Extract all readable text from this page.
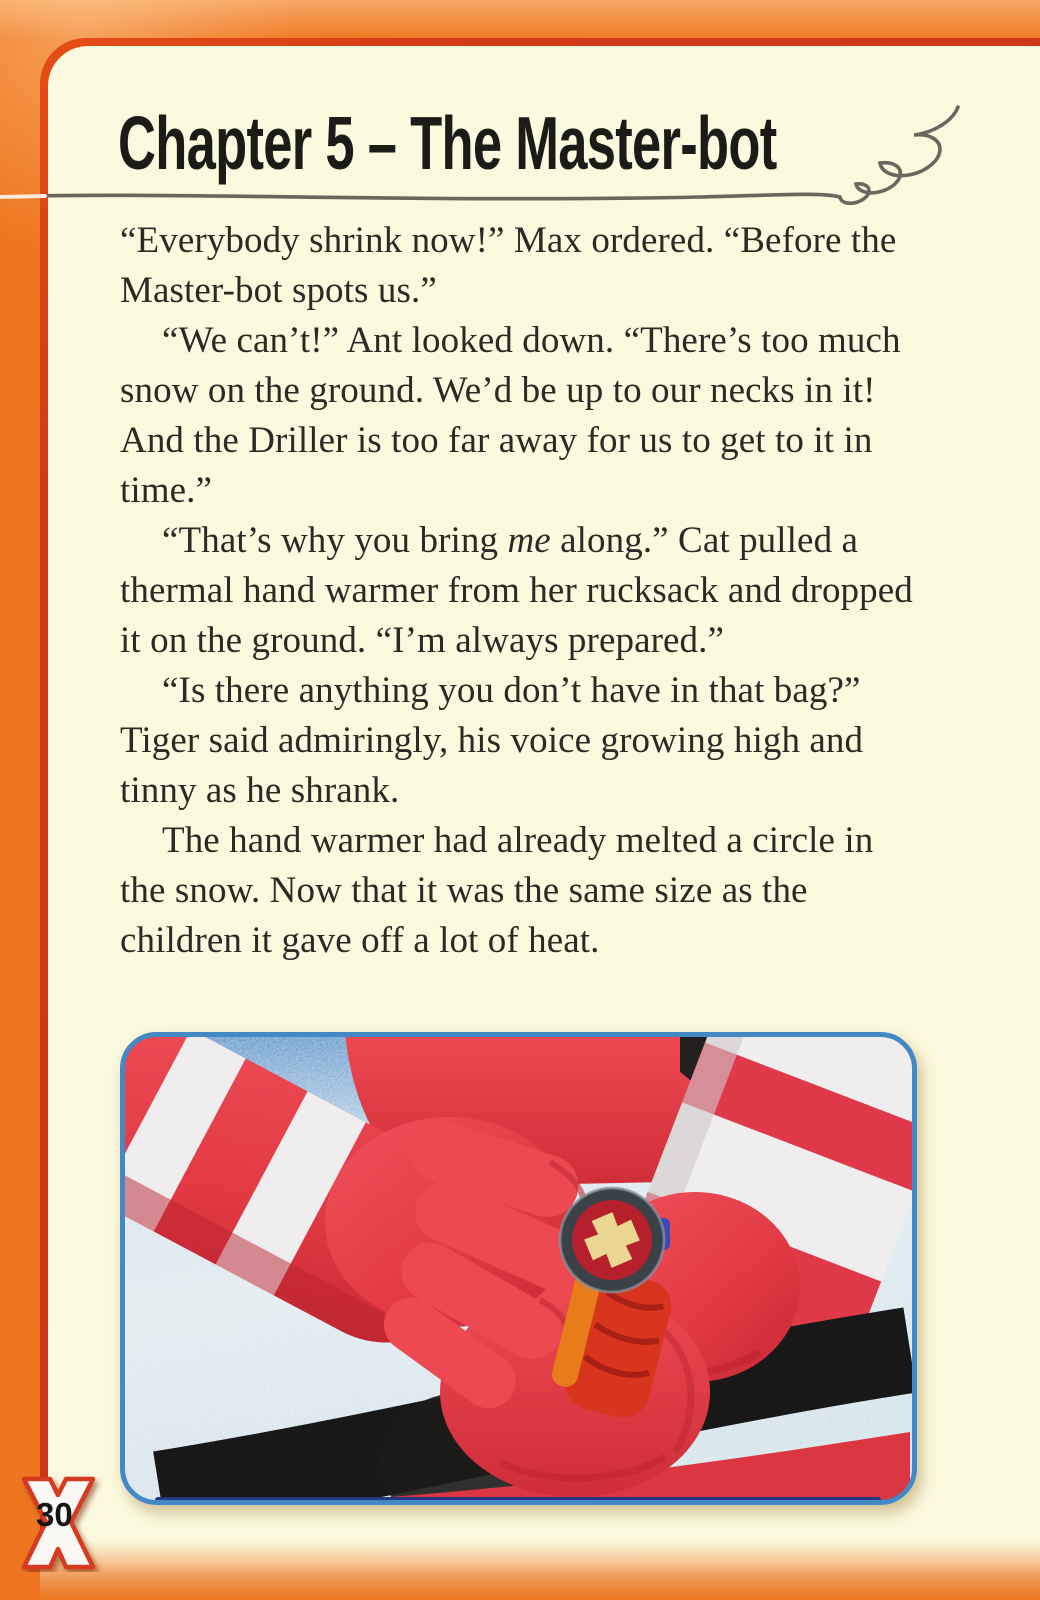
Chapter 5 – The Master-bot

“Everybody shrink now!” Max ordered. “Before the Master-bot spots us.”

“We can’t!” Ant looked down. “There’s too much snow on the ground. We’d be up to our necks in it! And the Driller is too far away for us to get to it in time.”

“That’s why you bring me along.” Cat pulled a thermal hand warmer from her rucksack and dropped it on the ground. “I’m always prepared.”

“Is there anything you don’t have in that bag?” Tiger said admiringly, his voice growing high and tinny as he shrank.

The hand warmer had already melted a circle in the snow. Now that it was the same size as the children it gave off a lot of heat.

30
